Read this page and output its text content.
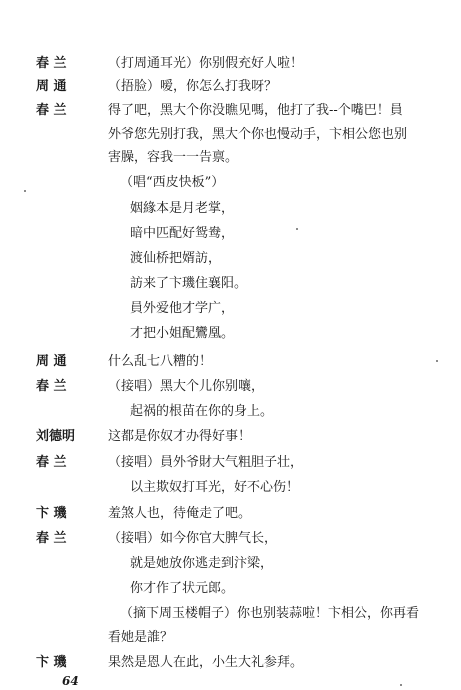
春 兰	（打周通耳光）你别假充好人啦！
周 通	（捂脸）嗳，你怎么打我呀？
春 兰	得了吧，黑大个你没瞧见嗎，他打了我--个嘴巴！員
外爷您先别打我，黑大个你也慢动手，卞相公您也别
害臊，容我一一告禀。
（唱“西皮快板”）
姻緣本是月老掌，
暗中匹配好鸳鸯，
渡仙桥把婿訪，
訪来了卞璣住襄阳。
員外爱他才学广，
才把小姐配鸞凰。
周 通	什么乱七八糟的！
春 兰	（接唱）黑大个儿你别嚷，
起祸的根苗在你的身上。
刘德明	这都是你奴才办得好事！
春 兰	（接唱）員外爷財大气粗胆子壮，
以主欺奴打耳光，好不心伤！
卞 璣	羞煞人也，待俺走了吧。
春 兰	（接唱）如今你官大脾气长，
就是她放你逃走到汴梁，
你才作了状元郎。
（摘下周玉楼帽子）你也别装蒜啦！卞相公，你再看
看她是誰？
卞 璣	果然是恩人在此，小生大礼参拜。
64
